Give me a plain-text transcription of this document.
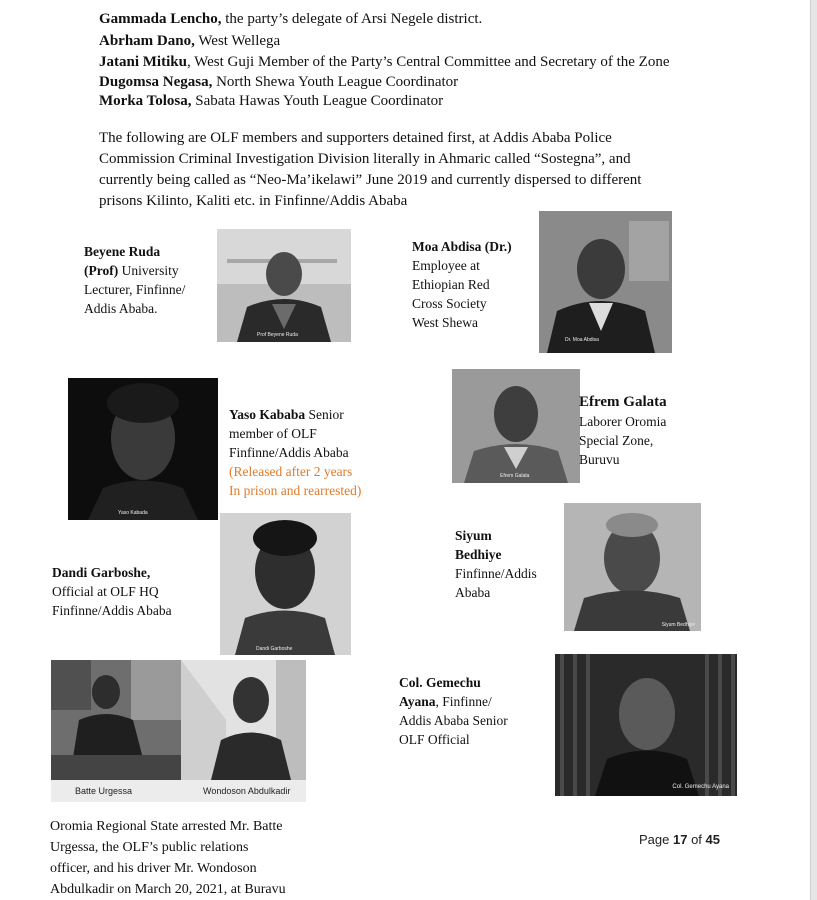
Gammada Lencho, the party’s delegate of Arsi Negele district.
Abrham Dano, West Wellega
Jatani Mitiku, West Guji Member of the Party’s Central Committee and Secretary of the Zone
Dugomsa Negasa, North Shewa Youth League Coordinator
Morka Tolosa, Sabata Hawas Youth League Coordinator
The following are OLF members and supporters detained first, at Addis Ababa Police
Commission Criminal Investigation Division literally in Ahmaric called “Sostegna”, and
currently being called as “Neo-Ma’ikelawi” June 2019 and currently dispersed to different
prisons Kilinto, Kaliti etc. in Finfinne/Addis Ababa
Beyene Ruda
(Prof) University
Lecturer, Finfinne/
Addis Ababa.
Prof Beyene Ruda
Moa Abdisa (Dr.)
Employee at
Ethiopian Red
Cross Society
West Shewa
Dr. Moa Abdisa
Yaso Kabada
Yaso Kababa Senior
member of OLF
Finfinne/Addis Ababa
(Released after 2 years
In prison and rearrested)
Efrem Galata
Efrem Galata
Laborer Oromia
Special Zone,
Buruvu
Dandi Garboshe,
Official at OLF HQ
Finfinne/Addis Ababa
Dandi Garboshe
Siyum
Bedhiye
Finfinne/Addis
Ababa
Siyum Bedhiye
Batte Urgessa	Wondoson Abdulkadir
Col. Gemechu
Ayana, Finfinne/
Addis Ababa Senior
OLF Official
Col. Gemechu Ayana
Oromia Regional State arrested Mr. Batte
Urgessa, the OLF’s public relations
officer, and his driver Mr. Wondoson
Abdulkadir on March 20, 2021, at Buravu
Page 17 of 45
